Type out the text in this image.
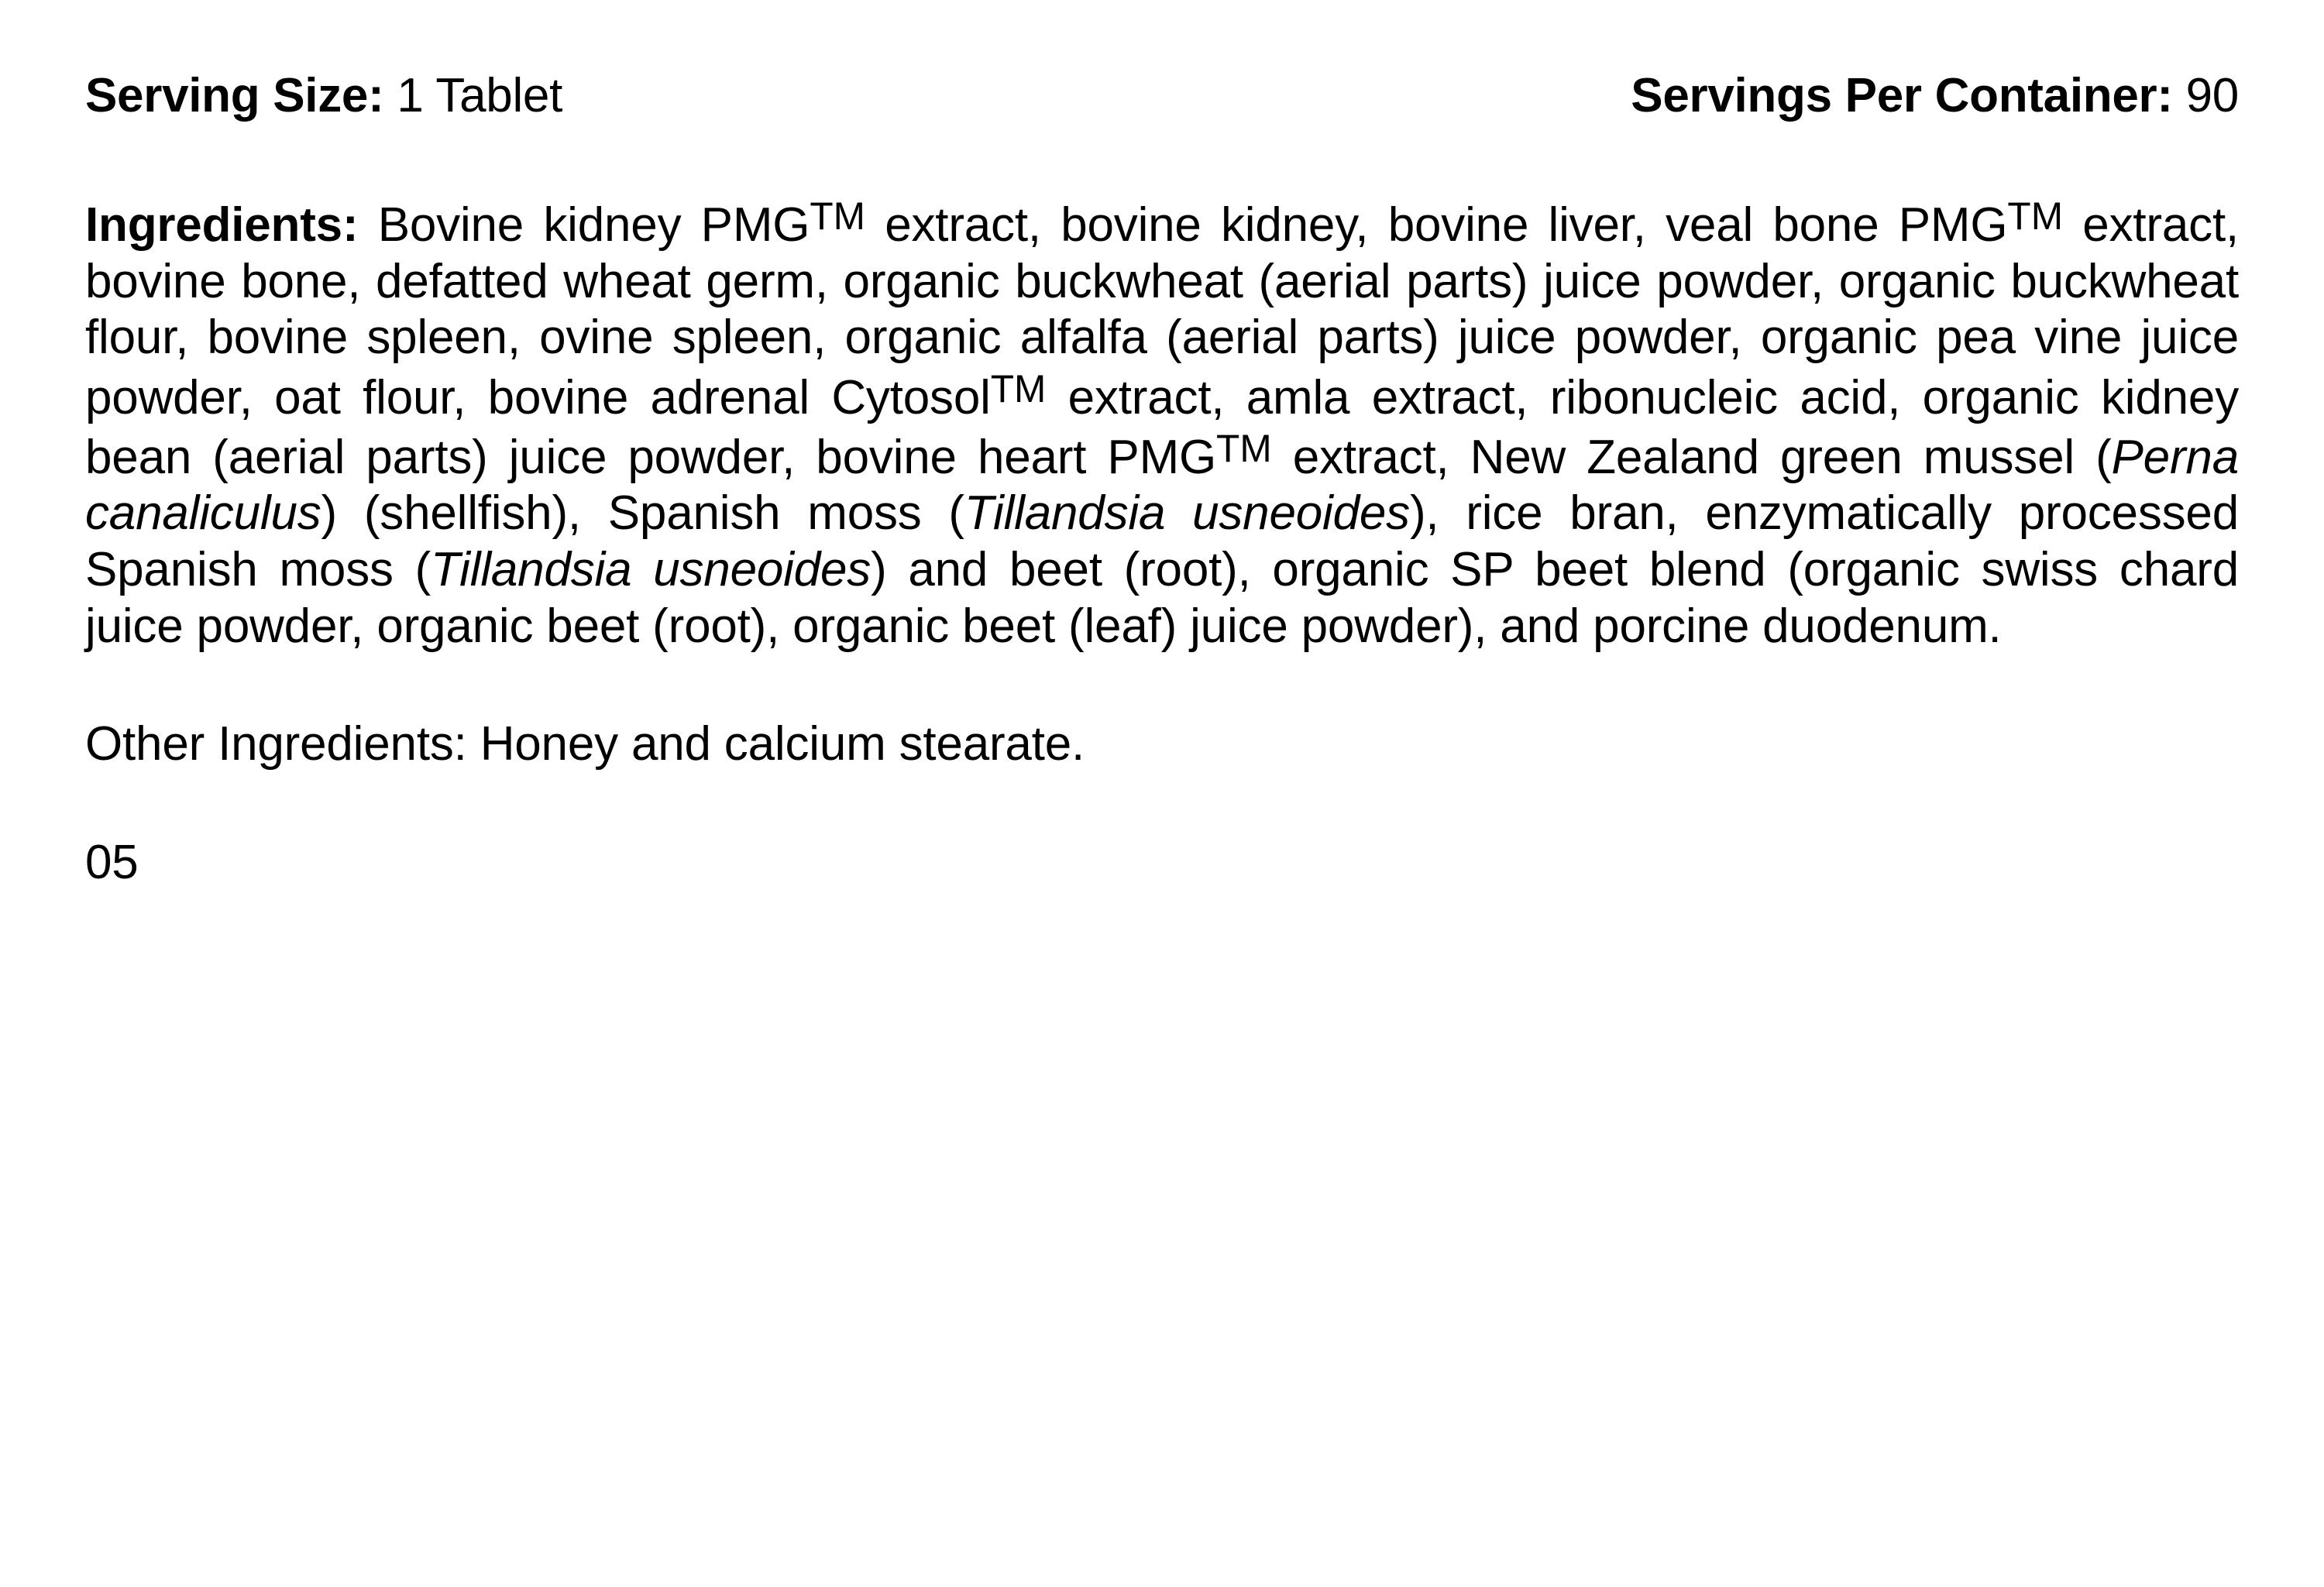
Serving Size: 1 Tablet	Servings Per Container: 90

Ingredients: Bovine kidney PMG™ extract, bovine kidney, bovine liver, veal bone PMG™ extract, bovine bone, defatted wheat germ, organic buckwheat (aerial parts) juice powder, organic buckwheat flour, bovine spleen, ovine spleen, organic alfalfa (aerial parts) juice powder, organic pea vine juice powder, oat flour, bovine adrenal Cytosol™ extract, amla extract, ribonucleic acid, organic kidney bean (aerial parts) juice powder, bovine heart PMG™ extract, New Zealand green mussel (Perna canaliculus) (shellfish), Spanish moss (Tillandsia usneoides), rice bran, enzymatically processed Spanish moss (Tillandsia usneoides) and beet (root), organic SP beet blend (organic swiss chard juice powder, organic beet (root), organic beet (leaf) juice powder), and porcine duodenum.

Other Ingredients: Honey and calcium stearate.

05
